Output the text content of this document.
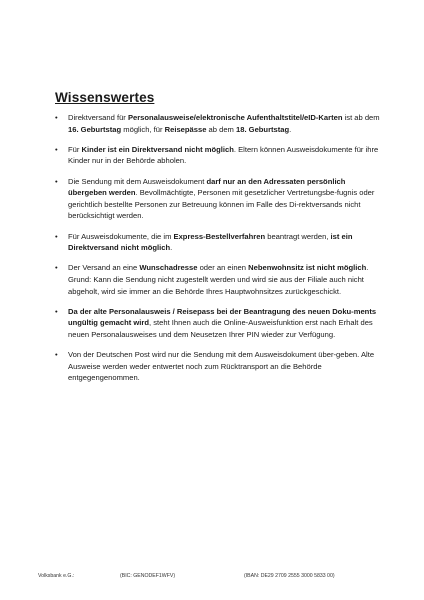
Wissenswertes
• Direktversand für Personalausweise/elektronische Aufenthaltstitel/eID-Karten ist ab dem 16. Geburtstag möglich, für Reisepässe ab dem 18. Geburtstag.
• Für Kinder ist ein Direktversand nicht möglich. Eltern können Ausweisdokumente für ihre Kinder nur in der Behörde abholen.
• Die Sendung mit dem Ausweisdokument darf nur an den Adressaten persönlich übergeben werden. Bevollmächtigte, Personen mit gesetzlicher Vertretungsbe-fugnis oder gerichtlich bestellte Personen zur Betreuung können im Falle des Di-rektversands nicht berücksichtigt werden.
• Für Ausweisdokumente, die im Express-Bestellverfahren beantragt werden, ist ein Direktversand nicht möglich.
• Der Versand an eine Wunschadresse oder an einen Nebenwohnsitz ist nicht möglich. Grund: Kann die Sendung nicht zugestellt werden und wird sie aus der Filiale auch nicht abgeholt, wird sie immer an die Behörde Ihres Hauptwohnsitzes zurückgeschickt.
• Da der alte Personalausweis / Reisepass bei der Beantragung des neuen Doku-ments ungültig gemacht wird, steht Ihnen auch die Online-Ausweisfunktion erst nach Erhalt des neuen Personalausweises und dem Neusetzen Ihrer PIN wieder zur Verfügung.
• Von der Deutschen Post wird nur die Sendung mit dem Ausweisdokument über-geben. Alte Ausweise werden weder entwertet noch zum Rücktransport an die Behörde entgegengenommen.
Volksbank e.G.:	(BIC: GENODEF1WFV)	(IBAN: DE29 2709 2555 3000 5833 00)
